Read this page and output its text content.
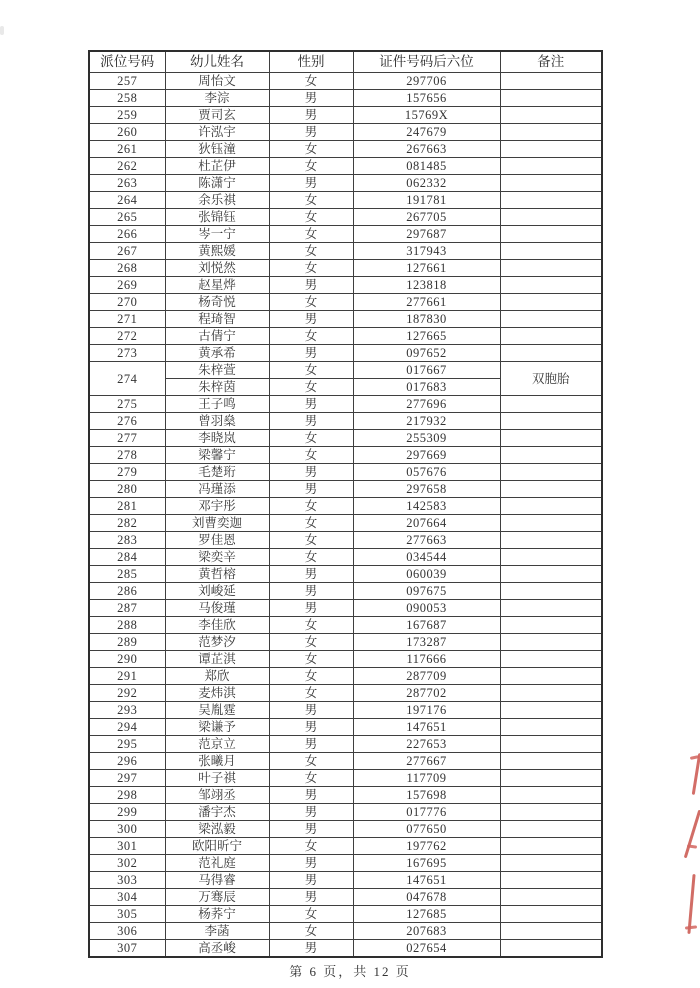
派位号码	幼儿姓名	性别	证件号码后六位	备注
257	周怡文	女	297706	
258	李淙	男	157656	
259	贾司玄	男	15769X	
260	许泓宇	男	247679	
261	狄钰潼	女	267663	
262	杜芷伊	女	081485	
263	陈潇宁	男	062332	
264	余乐祺	女	191781	
265	张锦钰	女	267705	
266	岑一宁	女	297687	
267	黄熙媛	女	317943	
268	刘悦然	女	127661	
269	赵星烨	男	123818	
270	杨奇悦	女	277661	
271	程琦智	男	187830	
272	古倩宁	女	127665	
273	黄承希	男	097652	
274	朱梓萱	女	017667	双胞胎
	朱梓茵	女	017683	
275	王子鸣	男	277696	
276	曾羽燊	男	217932	
277	李晓岚	女	255309	
278	梁馨宁	女	297669	
279	毛楚珩	男	057676	
280	冯瑾添	男	297658	
281	邓宇彤	女	142583	
282	刘曹奕迦	女	207664	
283	罗佳恩	女	277663	
284	梁奕辛	女	034544	
285	黄哲榕	男	060039	
286	刘峻延	男	097675	
287	马俊瑾	男	090053	
288	李佳欣	女	167687	
289	范梦汐	女	173287	
290	谭芷淇	女	117666	
291	郑欣	女	287709	
292	麦炜淇	女	287702	
293	吴胤霆	男	197176	
294	梁谦予	男	147651	
295	范京立	男	227653	
296	张曦月	女	277667	
297	叶子祺	女	117709	
298	邹翊丞	男	157698	
299	潘宇杰	男	017776	
300	梁泓毅	男	077650	
301	欧阳昕宁	女	197762	
302	范礼庭	男	167695	
303	马得睿	男	147651	
304	万骞辰	男	047678	
305	杨荞宁	女	127685	
306	李菡	女	207683	
307	高丞峻	男	027654	
第 6 页，共 12 页
